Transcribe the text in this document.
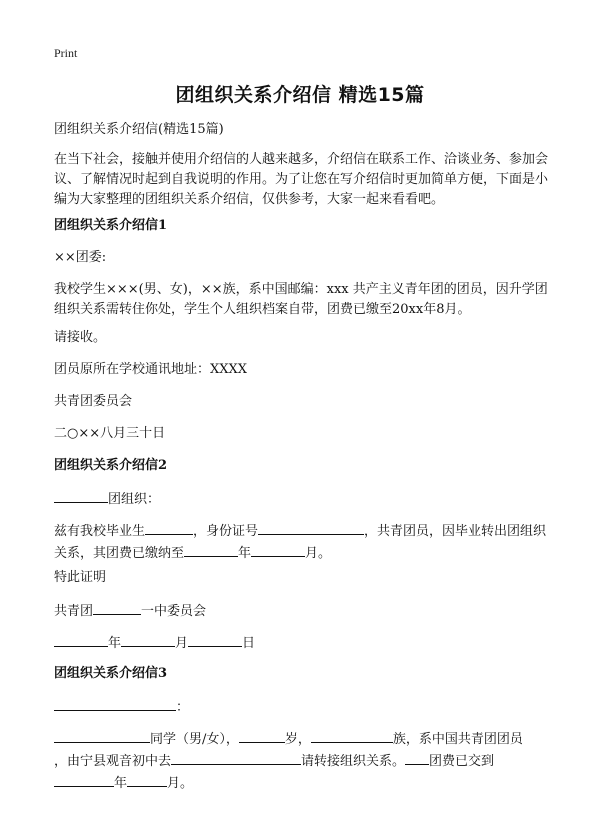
Print
团组织关系介绍信 精选15篇
团组织关系介绍信(精选15篇)
在当下社会，接触并使用介绍信的人越来越多，介绍信在联系工作、洽谈业务、参加会议、了解情况时起到自我说明的作用。为了让您在写介绍信时更加简单方便，下面是小编为大家整理的团组织关系介绍信，仅供参考，大家一起来看看吧。
团组织关系介绍信1
××团委:
我校学生×××(男、女)，××族，系中国邮编：xxx 共产主义青年团的团员，因升学团组织关系需转住你处，学生个人组织档案自带，团费已缴至20xx年8月。
请接收。
团员原所在学校通讯地址：XXXX
共青团委员会
二○××八月三十日
团组织关系介绍信2
团组织：
兹有我校毕业生	，身份证号	，共青团员，因毕业转出团组织关系，其团费已缴纳至	年	月。
特此证明
共青团	一中委员会
年	月	日
团组织关系介绍信3
：
同学（男/女），	岁，	族，系中国共青团团员
，由宁县观音初中去	请转接组织关系。 团费已交到
年	月。
